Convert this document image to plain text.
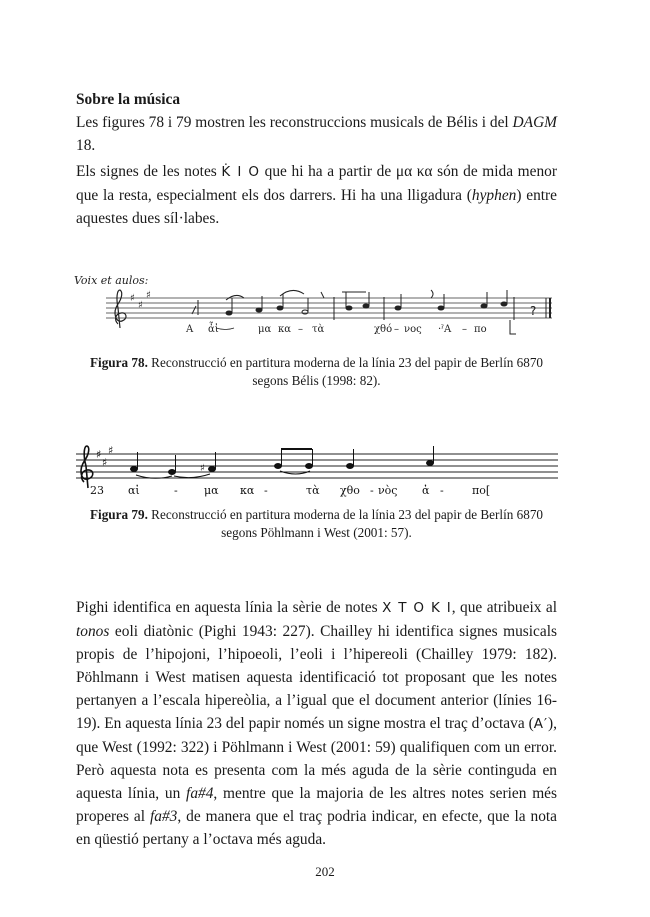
Sobre la música
Les figures 78 i 79 mostren les reconstruccions musicals de Bélis i del DAGM 18.

Els signes de les notes K̇ I O que hi ha a partir de μα κα són de mida menor que la resta, especialment els dos darrers. Hi ha una lligadura (hyphen) entre aquestes dues síl·labes.

Voix et aulos:
♯
♯
♯
?
A ἆἰ	μα κα – τὰ	χθό – νος ·ˀΑ – πο

Figura 78. Reconstrucció en partitura moderna de la línia 23 del papir de Berlín 6870 segons Bélis (1998: 82).

♯
♯
♯
♯
23 αἰ	- μα κα -	τὰ χθο - νὸς ἀ -	πο[

Figura 79. Reconstrucció en partitura moderna de la línia 23 del papir de Berlín 6870 segons Pöhlmann i West (2001: 57).

Pighi identifica en aquesta línia la sèrie de notes X T O K I, que atribueix al tonos eoli diatònic (Pighi 1943: 227). Chailley hi identifica signes musicals propis de l’hipojoni, l’hipoeoli, l’eoli i l’hipereoli (Chailley 1979: 182). Pöhlmann i West matisen aquesta identificació tot proposant que les notes pertanyen a l’escala hipereòlia, a l’igual que el document anterior (línies 16-19). En aquesta línia 23 del papir només un signe mostra el traç d’octava (A′), que West (1992: 322) i Pöhlmann i West (2001: 59) qualifiquen com un error. Però aquesta nota es presenta com la més aguda de la sèrie continguda en aquesta línia, un fa#4, mentre que la majoria de les altres notes serien més properes al fa#3, de manera que el traç podria indicar, en efecte, que la nota en qüestió pertany a l’octava més aguda.

202
